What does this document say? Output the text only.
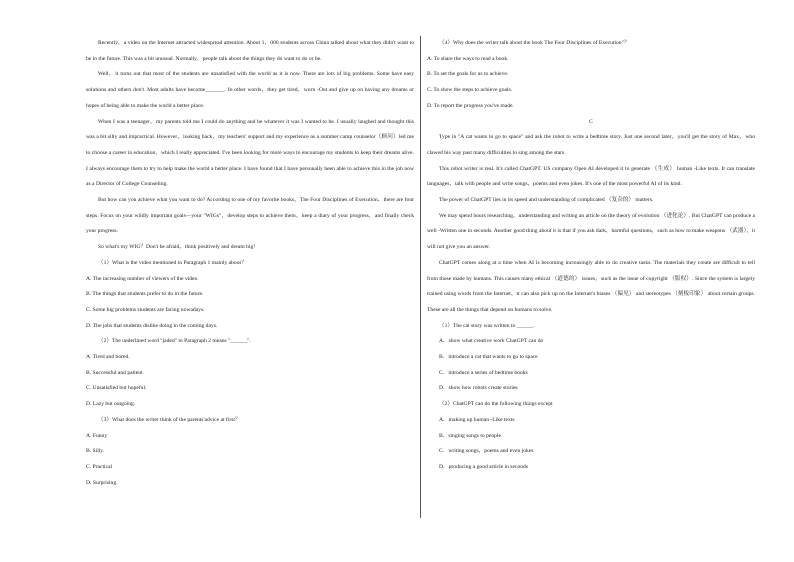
Recently，a video on the Internet attracted widespread attention. About 1，000 students across China talked about what they didn't want to be in the future. This was a bit unusual. Normally，people talk about the things they do want to do or be.

Well，it turns out that most of the students are unsatisfied with the world as it is now. There are lots of big problems. Some have easy solutions and others don't. Most adults have become_______. In other words，they get tired，worn -Out and give up on having any dreams or hopes of being able to make the world a better place.

When I was a teenager，my parents told me I could do anything and be whatever it was I wanted to be. I usually laughed and thought this was a bit silly and impractical. However，looking back，my teachers' support and my experience as a summer camp counselor（顾问）led me to choose a career in education，which I really appreciated. I've been looking for more ways to encourage my students to keep their dreams alive. I always encourage them to try to help make the world a better place. I have found that I have personally been able to achieve this in the job now as a Director of College Counseling.

But how can you achieve what you want to do? According to one of my favorite books，The Four Disciplines of Execution，there are four steps. Focus on your wildly important goals—your "WIGs"，develop steps to achieve them，keep a diary of your progress，and finally check your progress.

So what's my WIG？Don't be afraid，think positively and dream big!

（1）What is the video mentioned in Paragraph 1 mainly about？

A. The increasing number of viewers of the video.

B. The things that students prefer to do in the future.

C. Some big problems students are facing nowadays.

D. The jobs that students dislike doing in the coming days.

（2）The underlined word "jaded" in Paragraph 2 means "______".

A. Tired and bored.

B. Successful and patient.

C. Unsatisfied but hopeful.

D. Lazy but outgoing.

（3）What does the writer think of the parents'advice at first？

A. Funny

B. Silly.

C. Practical

D. Surprising.

（4）Why does the writer talk about the book The Four Disciplines of Execution"？

A. To share the ways to read a book.

B. To set the goals for us to achieve.

C. To show the steps to achieve goals.

D. To report the progress you've made.

C

Type in "A cat wants to go to space" and ask the robot to write a bedtime story. Just one second later，you'll get the story of Max，who clawed his way past many difficulties to sing among the stars.

This robot writer is real. It's called ChatGPT. US company Open AI developed it to generate （生成） human -Like texts. It can translate languages，talk with people and write songs，poems and even jokes. It's one of the most powerful AI of its kind.

The power of ChatGPT lies in its speed and understanding of complicated （复杂的） matters.

We may spend hours researching，understanding and writing an article on the theory of evolution （进化论）. But ChatGPT can produce a well -Written one in seconds. Another good thing about it is that if you ask dark，harmful questions，such as how to make weapons （武器），it will not give you an answer.

ChatGPT comes along at a time when AI is becoming increasingly able to do creative tasks. The materials they create are difficult to tell from those made by humans. This causes many ethical （道德的） issues，such as the issue of copyright （版权）. Since the system is largely trained using words from the Internet，it can also pick up on the Internet's biases （偏见） and stereotypes （刻板印象） about certain groups. These are all the things that depend on humans to solve.

（1）The cat story was written to ______.

A．show what creative work ChatGPT can do

B．introduce a cat that wants to go to space

C．introduce a series of bedtime books

D．show how robots create stories

（2）ChatGPT can do the following things except

A．making up human -Like texts

B．singing songs to people

C．writing songs，poems and even jokes

D．producing a good article in seconds
